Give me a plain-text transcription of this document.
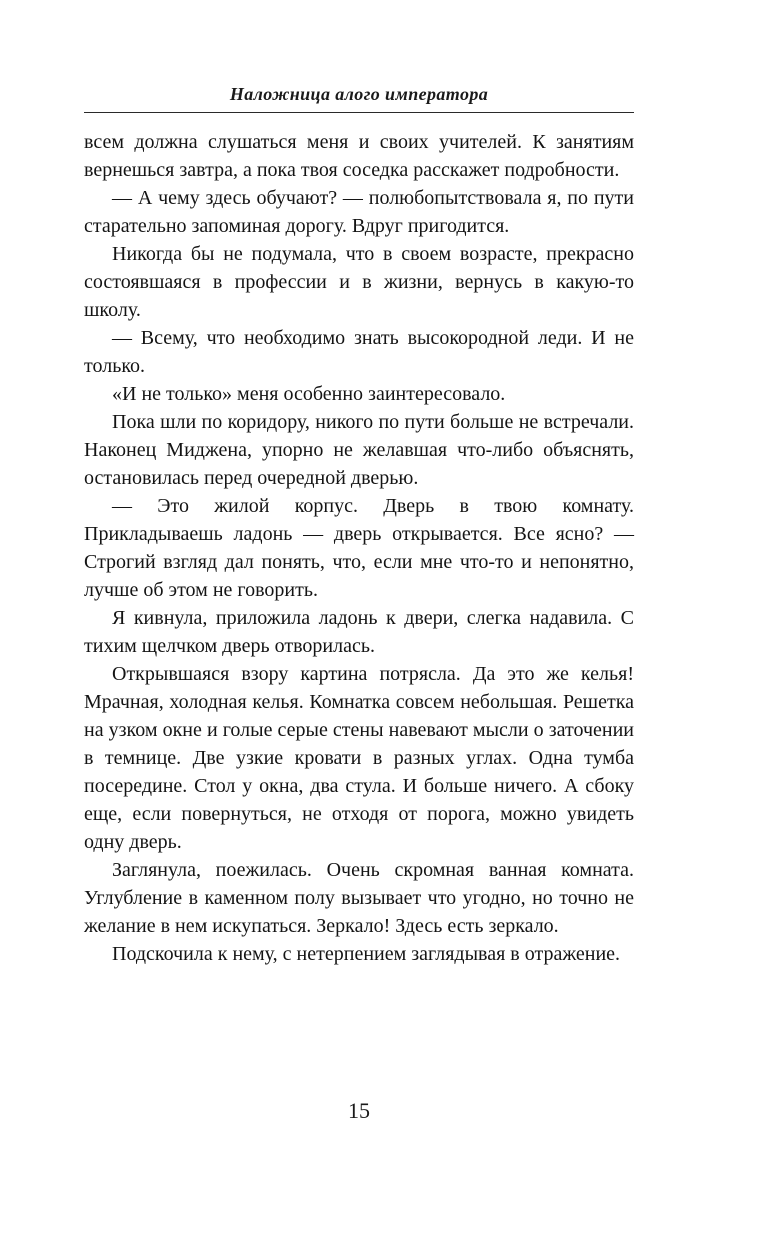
Наложница алого императора

всем должна слушаться меня и своих учителей. К занятиям вернешься завтра, а пока твоя соседка расскажет подробности.

— А чему здесь обучают? — полюбопытствовала я, по пути старательно запоминая дорогу. Вдруг пригодится.

Никогда бы не подумала, что в своем возрасте, прекрасно состоявшаяся в профессии и в жизни, вернусь в какую-то школу.

— Всему, что необходимо знать высокородной леди. И не только.

«И не только» меня особенно заинтересовало.

Пока шли по коридору, никого по пути больше не встречали. Наконец Миджена, упорно не желавшая что-либо объяснять, остановилась перед очередной дверью.

— Это жилой корпус. Дверь в твою комнату. Прикладываешь ладонь — дверь открывается. Все ясно? — Строгий взгляд дал понять, что, если мне что-то и непонятно, лучше об этом не говорить.

Я кивнула, приложила ладонь к двери, слегка надавила. С тихим щелчком дверь отворилась.

Открывшаяся взору картина потрясла. Да это же келья! Мрачная, холодная келья. Комнатка совсем небольшая. Решетка на узком окне и голые серые стены навевают мысли о заточении в темнице. Две узкие кровати в разных углах. Одна тумба посередине. Стол у окна, два стула. И больше ничего. А сбоку еще, если повернуться, не отходя от порога, можно увидеть одну дверь.

Заглянула, поежилась. Очень скромная ванная комната. Углубление в каменном полу вызывает что угодно, но точно не желание в нем искупаться. Зеркало! Здесь есть зеркало.

Подскочила к нему, с нетерпением заглядывая в отражение.

15
